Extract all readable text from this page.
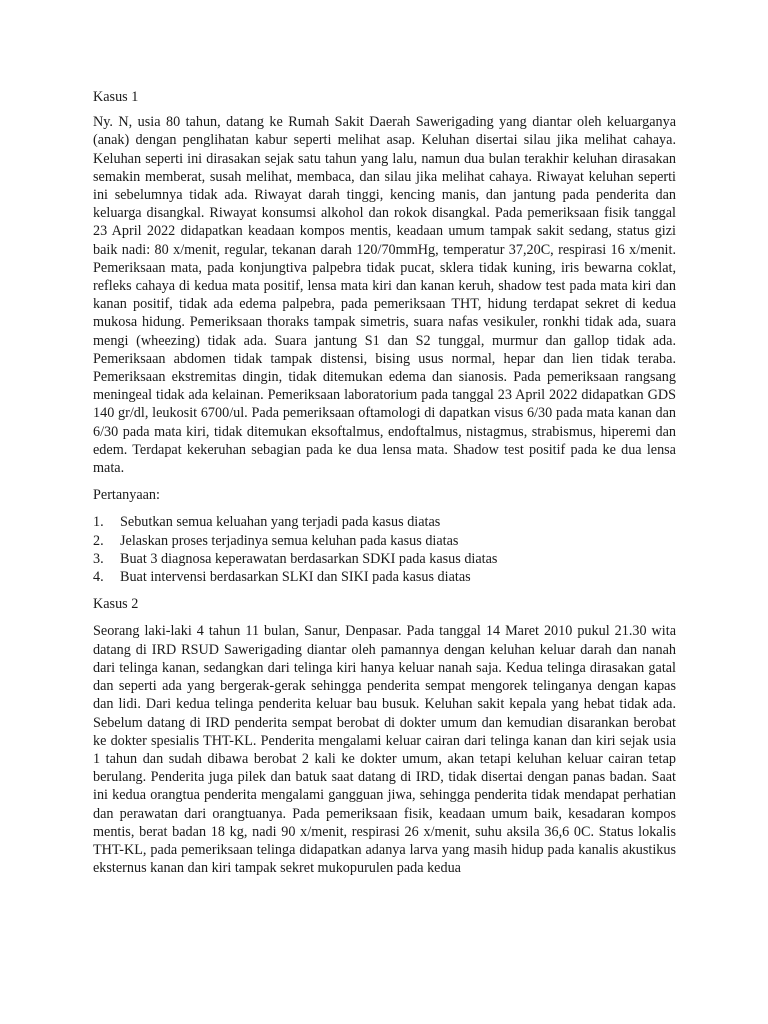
Kasus 1

Ny. N, usia 80 tahun, datang ke Rumah Sakit Daerah Sawerigading yang diantar oleh keluarganya (anak) dengan penglihatan kabur seperti melihat asap. Keluhan disertai silau jika melihat cahaya. Keluhan seperti ini dirasakan sejak satu tahun yang lalu, namun dua bulan terakhir keluhan dirasakan semakin memberat, susah melihat, membaca, dan silau jika melihat cahaya. Riwayat keluhan seperti ini sebelumnya tidak ada. Riwayat darah tinggi, kencing manis, dan jantung pada penderita dan keluarga disangkal. Riwayat konsumsi alkohol dan rokok disangkal. Pada pemeriksaan fisik tanggal 23 April 2022 didapatkan keadaan kompos mentis, keadaan umum tampak sakit sedang, status gizi baik nadi: 80 x/menit, regular, tekanan darah 120/70mmHg, temperatur 37,20C, respirasi 16 x/menit. Pemeriksaan mata, pada konjungtiva palpebra tidak pucat, sklera tidak kuning, iris bewarna coklat, refleks cahaya di kedua mata positif, lensa mata kiri dan kanan keruh, shadow test pada mata kiri dan kanan positif, tidak ada edema palpebra, pada pemeriksaan THT, hidung terdapat sekret di kedua mukosa hidung. Pemeriksaan thoraks tampak simetris, suara nafas vesikuler, ronkhi tidak ada, suara mengi (wheezing) tidak ada. Suara jantung S1 dan S2 tunggal, murmur dan gallop tidak ada. Pemeriksaan abdomen tidak tampak distensi, bising usus normal, hepar dan lien tidak teraba. Pemeriksaan ekstremitas dingin, tidak ditemukan edema dan sianosis. Pada pemeriksaan rangsang meningeal tidak ada kelainan. Pemeriksaan laboratorium pada tanggal 23 April 2022 didapatkan GDS 140 gr/dl, leukosit 6700/ul. Pada pemeriksaan oftamologi di dapatkan visus 6/30 pada mata kanan dan 6/30 pada mata kiri, tidak ditemukan eksoftalmus, endoftalmus, nistagmus, strabismus, hiperemi dan edem. Terdapat kekeruhan sebagian pada ke dua lensa mata. Shadow test positif pada ke dua lensa mata.

Pertanyaan:
1.	Sebutkan semua keluahan yang terjadi pada kasus diatas
2.	Jelaskan proses terjadinya semua keluhan pada kasus diatas
3.	Buat 3 diagnosa keperawatan berdasarkan SDKI pada kasus diatas
4.	Buat intervensi berdasarkan SLKI dan SIKI pada kasus diatas
Kasus 2

Seorang laki-laki 4 tahun 11 bulan, Sanur, Denpasar. Pada tanggal 14 Maret 2010 pukul 21.30 wita datang di IRD RSUD Sawerigading diantar oleh pamannya dengan keluhan keluar darah dan nanah dari telinga kanan, sedangkan dari telinga kiri hanya keluar nanah saja. Kedua telinga dirasakan gatal dan seperti ada yang bergerak-gerak sehingga penderita sempat mengorek telinganya dengan kapas dan lidi. Dari kedua telinga penderita keluar bau busuk. Keluhan sakit kepala yang hebat tidak ada. Sebelum datang di IRD penderita sempat berobat di dokter umum dan kemudian disarankan berobat ke dokter spesialis THT-KL. Penderita mengalami keluar cairan dari telinga kanan dan kiri sejak usia 1 tahun dan sudah dibawa berobat 2 kali ke dokter umum, akan tetapi keluhan keluar cairan tetap berulang. Penderita juga pilek dan batuk saat datang di IRD, tidak disertai dengan panas badan. Saat ini kedua orangtua penderita mengalami gangguan jiwa, sehingga penderita tidak mendapat perhatian dan perawatan dari orangtuanya. Pada pemeriksaan fisik, keadaan umum baik, kesadaran kompos mentis, berat badan 18 kg, nadi 90 x/menit, respirasi 26 x/menit, suhu aksila 36,6 0C. Status lokalis THT-KL, pada pemeriksaan telinga didapatkan adanya larva yang masih hidup pada kanalis akustikus eksternus kanan dan kiri tampak sekret mukopurulen pada kedua
